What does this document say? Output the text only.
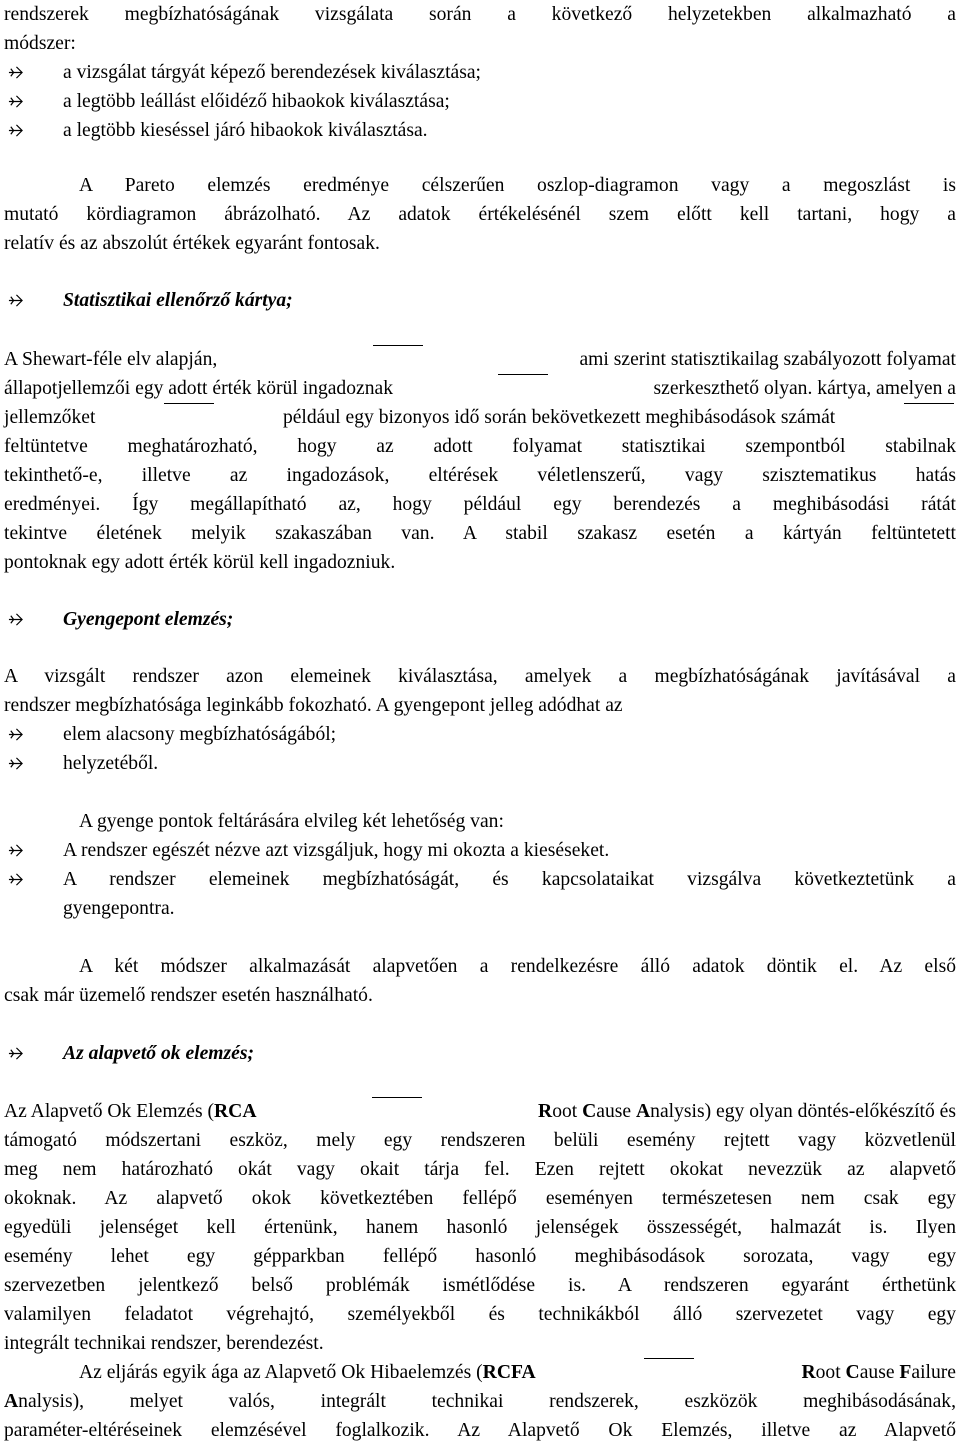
rendszerek megbízhatóságának vizsgálata során a következő helyzetekben alkalmazható a
módszer:
a vizsgálat tárgyát képező berendezések kiválasztása;
a legtöbb leállást előidéző hibaokok kiválasztása;
a legtöbb kieséssel járó hibaokok kiválasztása.
A Pareto elemzés eredménye célszerűen oszlop-diagramon vagy a megoszlást is
mutató kördiagramon ábrázolható. Az adatok értékelésénél szem előtt kell tartani, hogy a
relatív és az abszolút értékek egyaránt fontosak.
Statisztikai ellenőrző kártya;
A Shewart-féle elv alapján,	ami szerint statisztikailag szabályozott folyamat
állapotjellemzői egy adott érték körül ingadoznak	szerkeszthető olyan. kártya, amelyen a
jellemzőket	például egy bizonyos idő során bekövetkezett meghibásodások számát
feltüntetve meghatározható, hogy az adott folyamat statisztikai szempontból stabilnak
tekinthető-e, illetve az ingadozások, eltérések véletlenszerű, vagy szisztematikus hatás
eredményei. Így megállapítható az, hogy például egy berendezés a meghibásodási rátát
tekintve életének melyik szakaszában van. A stabil szakasz esetén a kártyán feltüntetett
pontoknak egy adott érték körül kell ingadozniuk.
Gyengepont elemzés;
A vizsgált rendszer azon elemeinek kiválasztása, amelyek a megbízhatóságának javításával a
rendszer megbízhatósága leginkább fokozható. A gyengepont jelleg adódhat az
elem alacsony megbízhatóságából;
helyzetéből.
A gyenge pontok feltárására elvileg két lehetőség van:
A rendszer egészét nézve azt vizsgáljuk, hogy mi okozta a kieséseket.
A rendszer elemeinek megbízhatóságát, és kapcsolataikat vizsgálva következtetünk a
gyengepontra.
A két módszer alkalmazását alapvetően a rendelkezésre álló adatok döntik el. Az első
csak már üzemelő rendszer esetén használható.
Az alapvető ok elemzés;
Az Alapvető Ok Elemzés (RCA	Root Cause Analysis) egy olyan döntés-előkészítő és
támogató módszertani eszköz, mely egy rendszeren belüli esemény rejtett vagy közvetlenül
meg nem határozható okát vagy okait tárja fel. Ezen rejtett okokat nevezzük az alapvető
okoknak. Az alapvető okok következtében fellépő eseményen természetesen nem csak egy
egyedüli jelenséget kell értenünk, hanem hasonló jelenségek összességét, halmazát is. Ilyen
esemény lehet egy gépparkban fellépő hasonló meghibásodások sorozata, vagy egy
szervezetben jelentkező belső problémák ismétlődése is. A rendszeren egyaránt érthetünk
valamilyen feladatot végrehajtó, személyekből és technikákból álló szervezetet vagy egy
integrált technikai rendszer, berendezést.
Az eljárás egyik ága az Alapvető Ok Hibaelemzés (RCFA	Root Cause Failure
Analysis), melyet valós, integrált technikai rendszerek, eszközök meghibásodásának,
paraméter-eltéréseinek elemzésével foglalkozik. Az Alapvető Ok Elemzés, illetve az Alapvető
